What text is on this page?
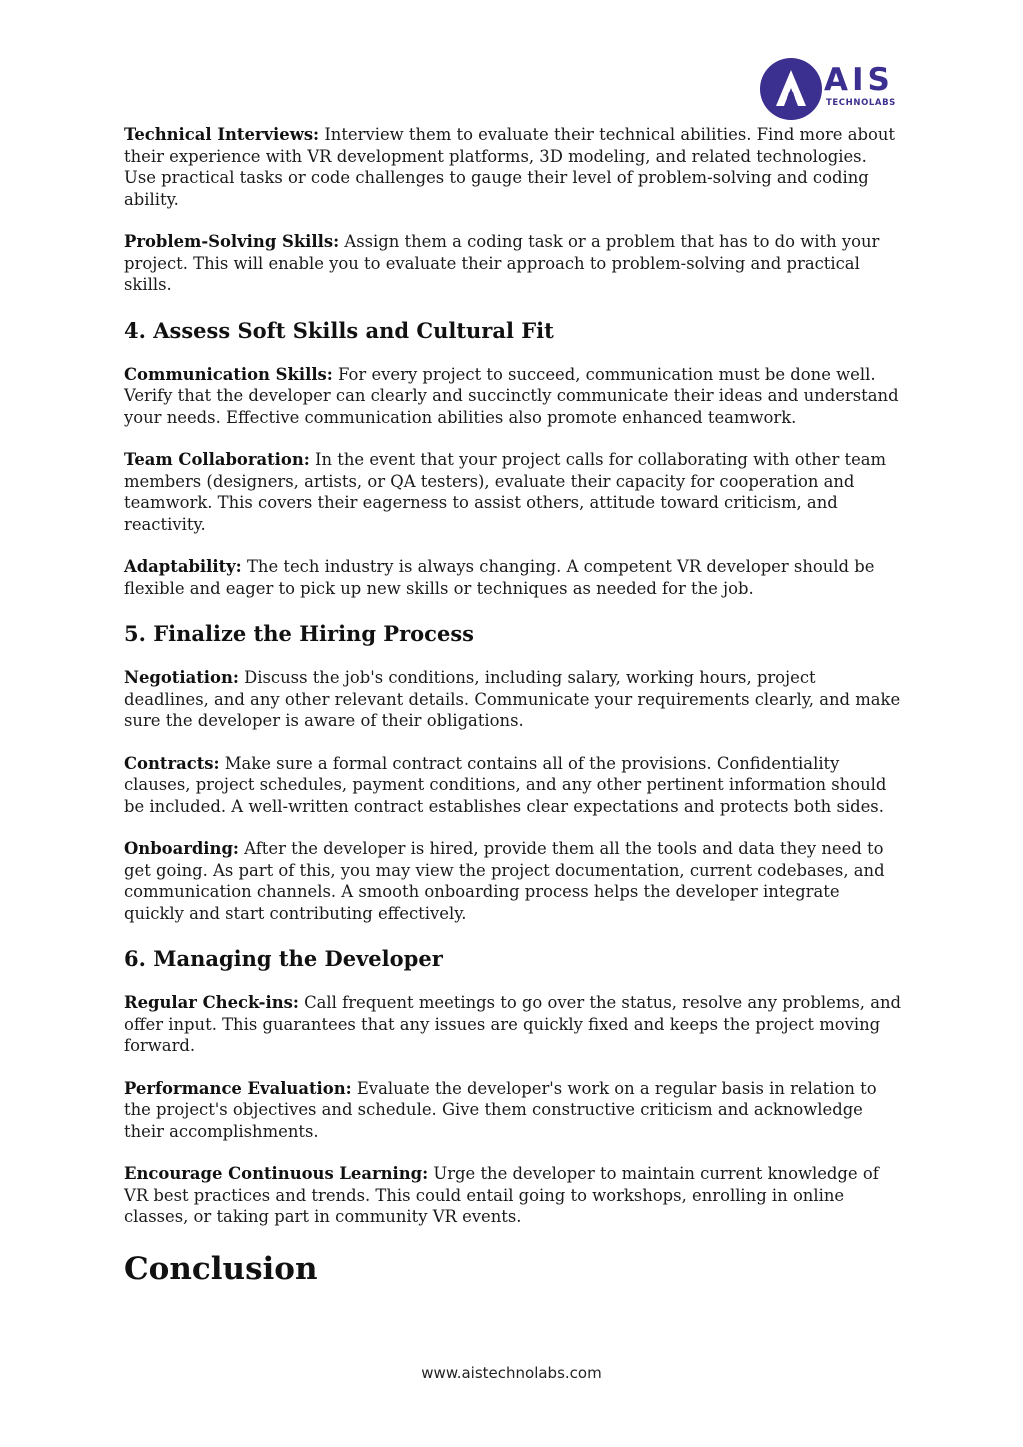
AIS
TECHNOLABS

Technical Interviews: Interview them to evaluate their technical abilities. Find more about their experience with VR development platforms, 3D modeling, and related technologies. Use practical tasks or code challenges to gauge their level of problem-solving and coding ability.

Problem-Solving Skills: Assign them a coding task or a problem that has to do with your project. This will enable you to evaluate their approach to problem-solving and practical skills.

4. Assess Soft Skills and Cultural Fit

Communication Skills: For every project to succeed, communication must be done well. Verify that the developer can clearly and succinctly communicate their ideas and understand your needs. Effective communication abilities also promote enhanced teamwork.

Team Collaboration: In the event that your project calls for collaborating with other team members (designers, artists, or QA testers), evaluate their capacity for cooperation and teamwork. This covers their eagerness to assist others, attitude toward criticism, and reactivity.

Adaptability: The tech industry is always changing. A competent VR developer should be flexible and eager to pick up new skills or techniques as needed for the job.

5. Finalize the Hiring Process

Negotiation: Discuss the job's conditions, including salary, working hours, project deadlines, and any other relevant details. Communicate your requirements clearly, and make sure the developer is aware of their obligations.

Contracts: Make sure a formal contract contains all of the provisions. Confidentiality clauses, project schedules, payment conditions, and any other pertinent information should be included. A well-written contract establishes clear expectations and protects both sides.

Onboarding: After the developer is hired, provide them all the tools and data they need to get going. As part of this, you may view the project documentation, current codebases, and communication channels. A smooth onboarding process helps the developer integrate quickly and start contributing effectively.

6. Managing the Developer

Regular Check-ins: Call frequent meetings to go over the status, resolve any problems, and offer input. This guarantees that any issues are quickly fixed and keeps the project moving forward.

Performance Evaluation: Evaluate the developer's work on a regular basis in relation to the project's objectives and schedule. Give them constructive criticism and acknowledge their accomplishments.

Encourage Continuous Learning: Urge the developer to maintain current knowledge of VR best practices and trends. This could entail going to workshops, enrolling in online classes, or taking part in community VR events.

Conclusion
www.aistechnolabs.com
